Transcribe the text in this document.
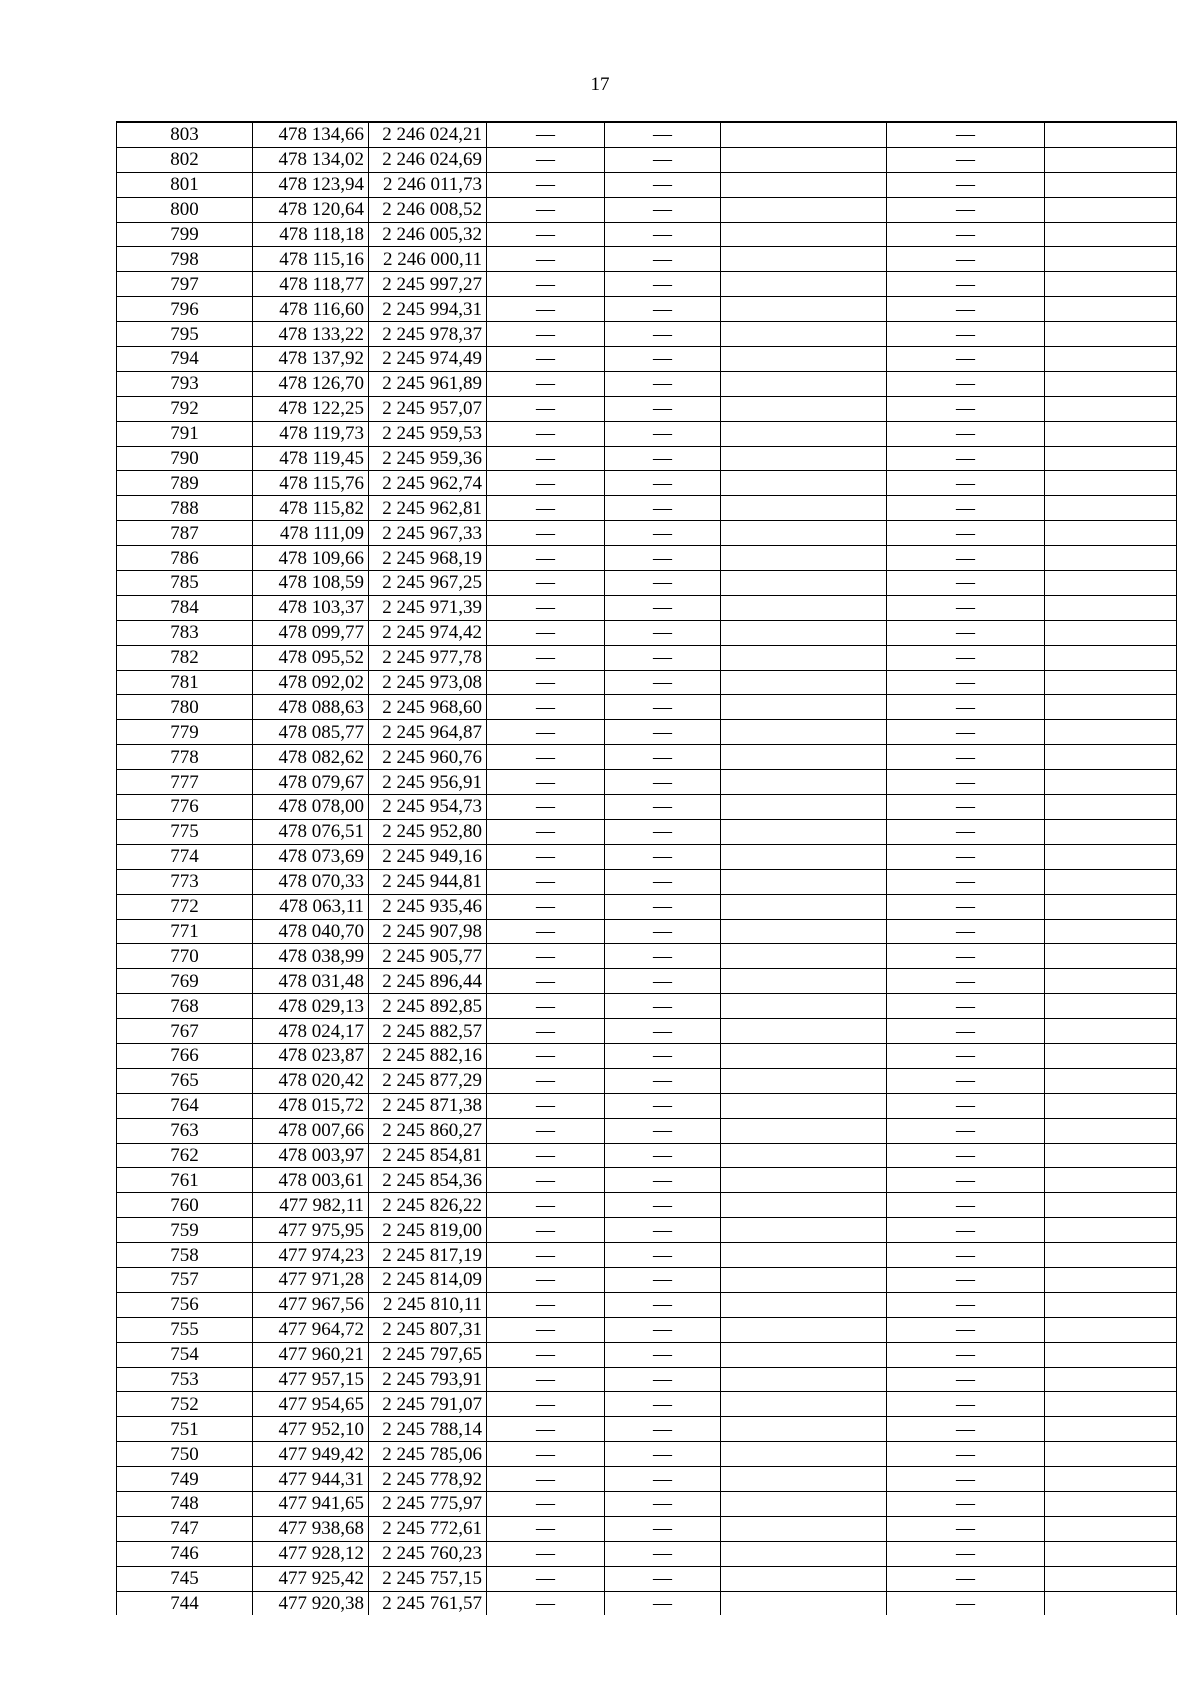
17
803	478 134,66	2 246 024,21	—	—		—	
802	478 134,02	2 246 024,69	—	—		—	
801	478 123,94	2 246 011,73	—	—		—	
800	478 120,64	2 246 008,52	—	—		—	
799	478 118,18	2 246 005,32	—	—		—	
798	478 115,16	2 246 000,11	—	—		—	
797	478 118,77	2 245 997,27	—	—		—	
796	478 116,60	2 245 994,31	—	—		—	
795	478 133,22	2 245 978,37	—	—		—	
794	478 137,92	2 245 974,49	—	—		—	
793	478 126,70	2 245 961,89	—	—		—	
792	478 122,25	2 245 957,07	—	—		—	
791	478 119,73	2 245 959,53	—	—		—	
790	478 119,45	2 245 959,36	—	—		—	
789	478 115,76	2 245 962,74	—	—		—	
788	478 115,82	2 245 962,81	—	—		—	
787	478 111,09	2 245 967,33	—	—		—	
786	478 109,66	2 245 968,19	—	—		—	
785	478 108,59	2 245 967,25	—	—		—	
784	478 103,37	2 245 971,39	—	—		—	
783	478 099,77	2 245 974,42	—	—		—	
782	478 095,52	2 245 977,78	—	—		—	
781	478 092,02	2 245 973,08	—	—		—	
780	478 088,63	2 245 968,60	—	—		—	
779	478 085,77	2 245 964,87	—	—		—	
778	478 082,62	2 245 960,76	—	—		—	
777	478 079,67	2 245 956,91	—	—		—	
776	478 078,00	2 245 954,73	—	—		—	
775	478 076,51	2 245 952,80	—	—		—	
774	478 073,69	2 245 949,16	—	—		—	
773	478 070,33	2 245 944,81	—	—		—	
772	478 063,11	2 245 935,46	—	—		—	
771	478 040,70	2 245 907,98	—	—		—	
770	478 038,99	2 245 905,77	—	—		—	
769	478 031,48	2 245 896,44	—	—		—	
768	478 029,13	2 245 892,85	—	—		—	
767	478 024,17	2 245 882,57	—	—		—	
766	478 023,87	2 245 882,16	—	—		—	
765	478 020,42	2 245 877,29	—	—		—	
764	478 015,72	2 245 871,38	—	—		—	
763	478 007,66	2 245 860,27	—	—		—	
762	478 003,97	2 245 854,81	—	—		—	
761	478 003,61	2 245 854,36	—	—		—	
760	477 982,11	2 245 826,22	—	—		—	
759	477 975,95	2 245 819,00	—	—		—	
758	477 974,23	2 245 817,19	—	—		—	
757	477 971,28	2 245 814,09	—	—		—	
756	477 967,56	2 245 810,11	—	—		—	
755	477 964,72	2 245 807,31	—	—		—	
754	477 960,21	2 245 797,65	—	—		—	
753	477 957,15	2 245 793,91	—	—		—	
752	477 954,65	2 245 791,07	—	—		—	
751	477 952,10	2 245 788,14	—	—		—	
750	477 949,42	2 245 785,06	—	—		—	
749	477 944,31	2 245 778,92	—	—		—	
748	477 941,65	2 245 775,97	—	—		—	
747	477 938,68	2 245 772,61	—	—		—	
746	477 928,12	2 245 760,23	—	—		—	
745	477 925,42	2 245 757,15	—	—		—	
744	477 920,38	2 245 761,57	—	—		—	
